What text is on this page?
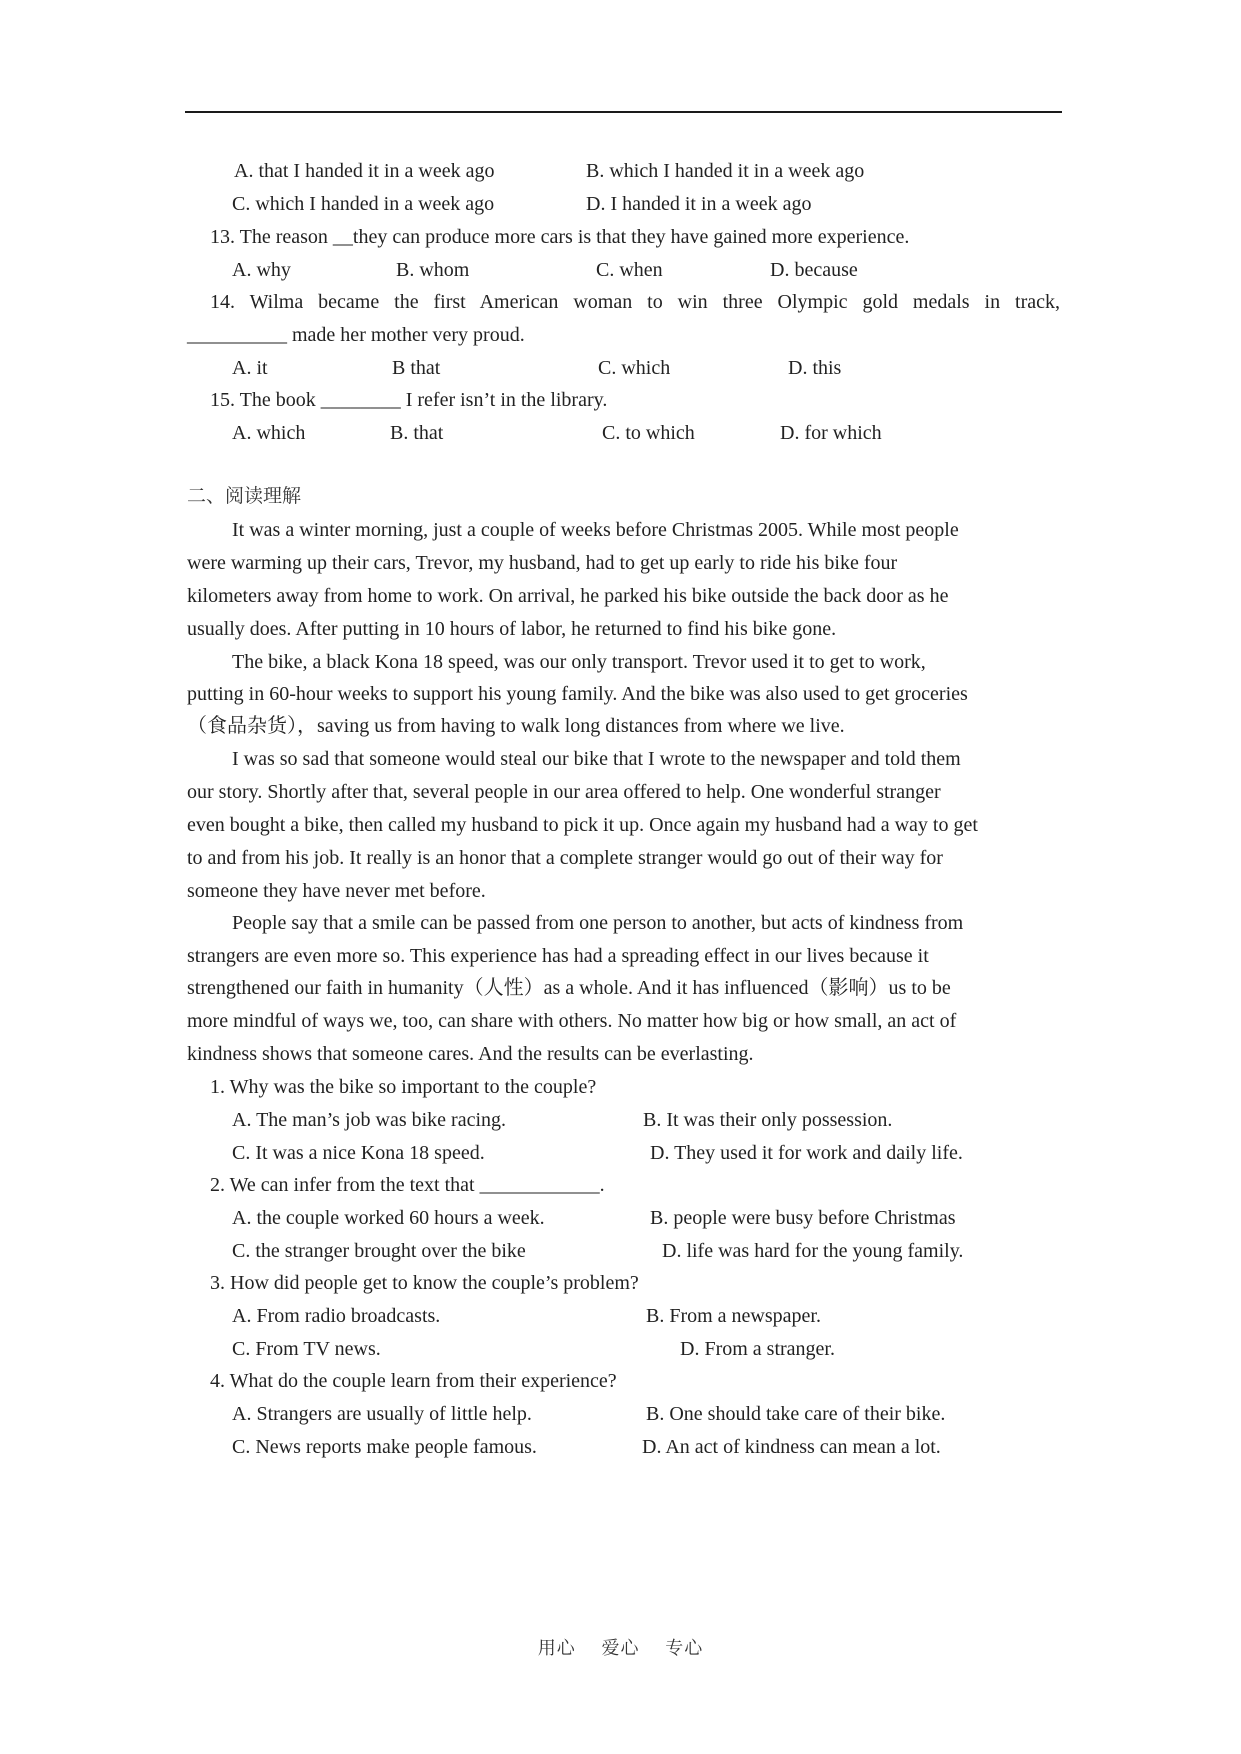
A. that I handed it in a week ago	B. which I handed it in a week ago
C. which I handed in a week ago	D. I handed it in a week ago
13. The reason __they can produce more cars is that they have gained more experience.
A. why	B. whom	C. when	D. because
14. Wilma became the first American woman to win three Olympic gold medals in track,
__________ made her mother very proud.
A. it	B that	C. which	D. this
15. The book ________ I refer isn’t in the library.
A. which	B. that	C. to which	D. for which
二、阅读理解
It was a winter morning, just a couple of weeks before Christmas 2005. While most people
were warming up their cars, Trevor, my husband, had to get up early to ride his bike four
kilometers away from home to work. On arrival, he parked his bike outside the back door as he
usually does. After putting in 10 hours of labor, he returned to find his bike gone.
The bike, a black Kona 18 speed, was our only transport. Trevor used it to get to work,
putting in 60-hour weeks to support his young family. And the bike was also used to get groceries
（食品杂货），saving us from having to walk long distances from where we live.
I was so sad that someone would steal our bike that I wrote to the newspaper and told them
our story. Shortly after that, several people in our area offered to help. One wonderful stranger
even bought a bike, then called my husband to pick it up. Once again my husband had a way to get
to and from his job. It really is an honor that a complete stranger would go out of their way for
someone they have never met before.
People say that a smile can be passed from one person to another, but acts of kindness from
strangers are even more so. This experience has had a spreading effect in our lives because it
strengthened our faith in humanity（人性）as a whole. And it has influenced（影响）us to be
more mindful of ways we, too, can share with others. No matter how big or how small, an act of
kindness shows that someone cares. And the results can be everlasting.
1. Why was the bike so important to the couple?
A. The man’s job was bike racing.	B. It was their only possession.
C. It was a nice Kona 18 speed.	D. They used it for work and daily life.
2. We can infer from the text that ____________.
A. the couple worked 60 hours a week.	B. people were busy before Christmas
C. the stranger brought over the bike	D. life was hard for the young family.
3. How did people get to know the couple’s problem?
A. From radio broadcasts.	B. From a newspaper.
C. From TV news.	D. From a stranger.
4. What do the couple learn from their experience?
A. Strangers are usually of little help.	B. One should take care of their bike.
C. News reports make people famous.	D. An act of kindness can mean a lot.
用心　 爱心　 专心
